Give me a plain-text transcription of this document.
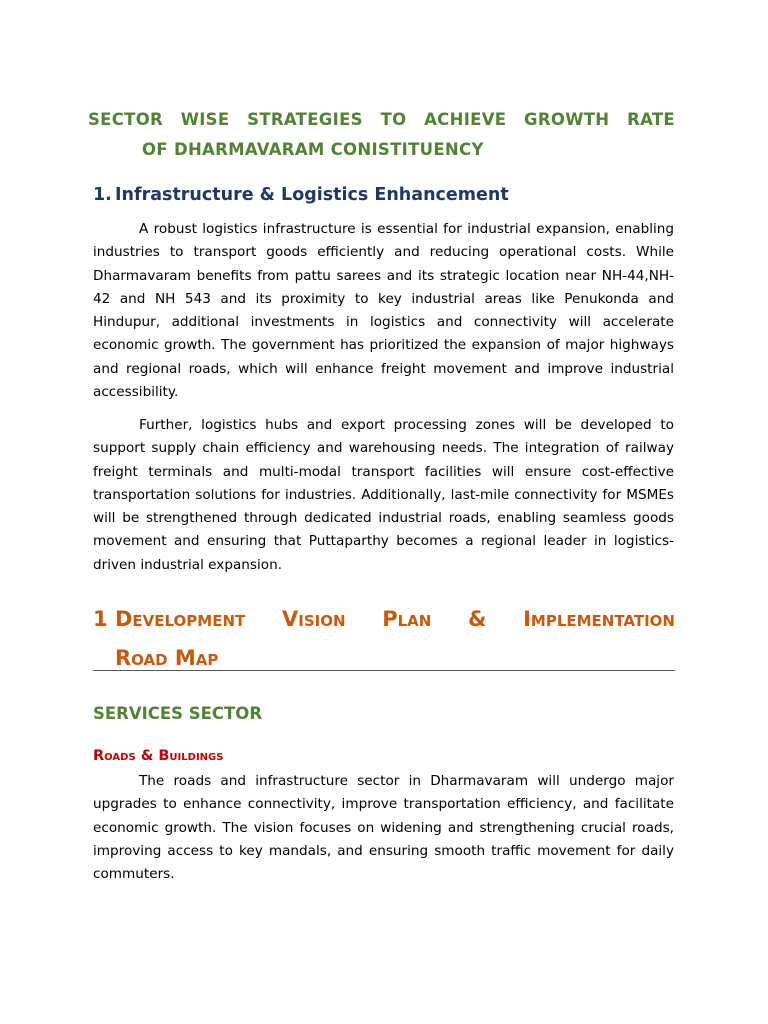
SECTOR WISE STRATEGIES TO ACHIEVE GROWTH RATE
OF DHARMAVARAM CONISTITUENCY
1. Infrastructure & Logistics Enhancement

A robust logistics infrastructure is essential for industrial expansion, enabling industries to transport goods efficiently and reducing operational costs. While Dharmavaram benefits from pattu sarees and its strategic location near NH-44,NH-42 and NH 543 and its proximity to key industrial areas like Penukonda and Hindupur, additional investments in logistics and connectivity will accelerate economic growth. The government has prioritized the expansion of major highways and regional roads, which will enhance freight movement and improve industrial accessibility.

Further, logistics hubs and export processing zones will be developed to support supply chain efficiency and warehousing needs. The integration of railway freight terminals and multi-modal transport facilities will ensure cost-effective transportation solutions for industries. Additionally, last-mile connectivity for MSMEs will be strengthened through dedicated industrial roads, enabling seamless goods movement and ensuring that Puttaparthy becomes a regional leader in logistics-driven industrial expansion.

1 Development Vision Plan & Implementation
Road Map
SERVICES SECTOR
Roads & Buildings

The roads and infrastructure sector in Dharmavaram will undergo major upgrades to enhance connectivity, improve transportation efficiency, and facilitate economic growth. The vision focuses on widening and strengthening crucial roads, improving access to key mandals, and ensuring smooth traffic movement for daily commuters.
